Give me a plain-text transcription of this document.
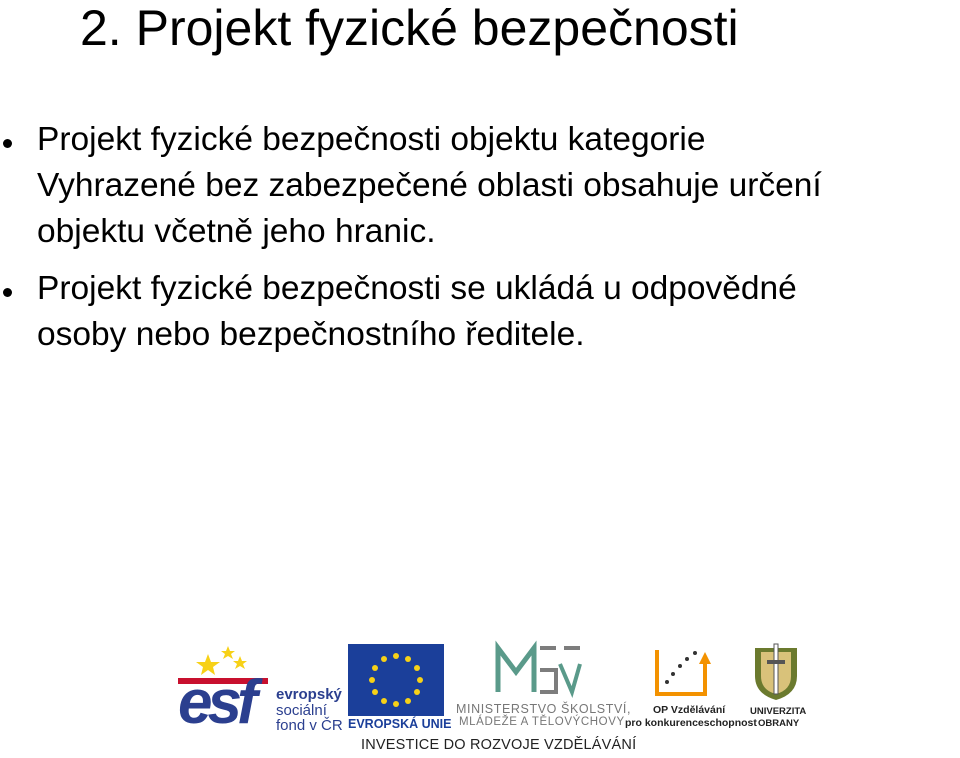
2. Projekt fyzické bezpečnosti
Projekt fyzické bezpečnosti objektu kategorie
Vyhrazené bez zabezpečené oblasti obsahuje určení
objektu včetně jeho hranic.
Projekt fyzické bezpečnosti se ukládá u odpovědné
osoby nebo bezpečnostního ředitele.
esf evropský
sociální
fond v ČR EVROPSKÁ UNIE
MINISTERSTVO ŠKOLSTVÍ,
MLÁDEŽE A TĚLOVÝCHOVY
OP Vzdělávání
pro konkurenceschopnost
UNIVERZITA
OBRANY
INVESTICE DO ROZVOJE VZDĚLÁVÁNÍ
